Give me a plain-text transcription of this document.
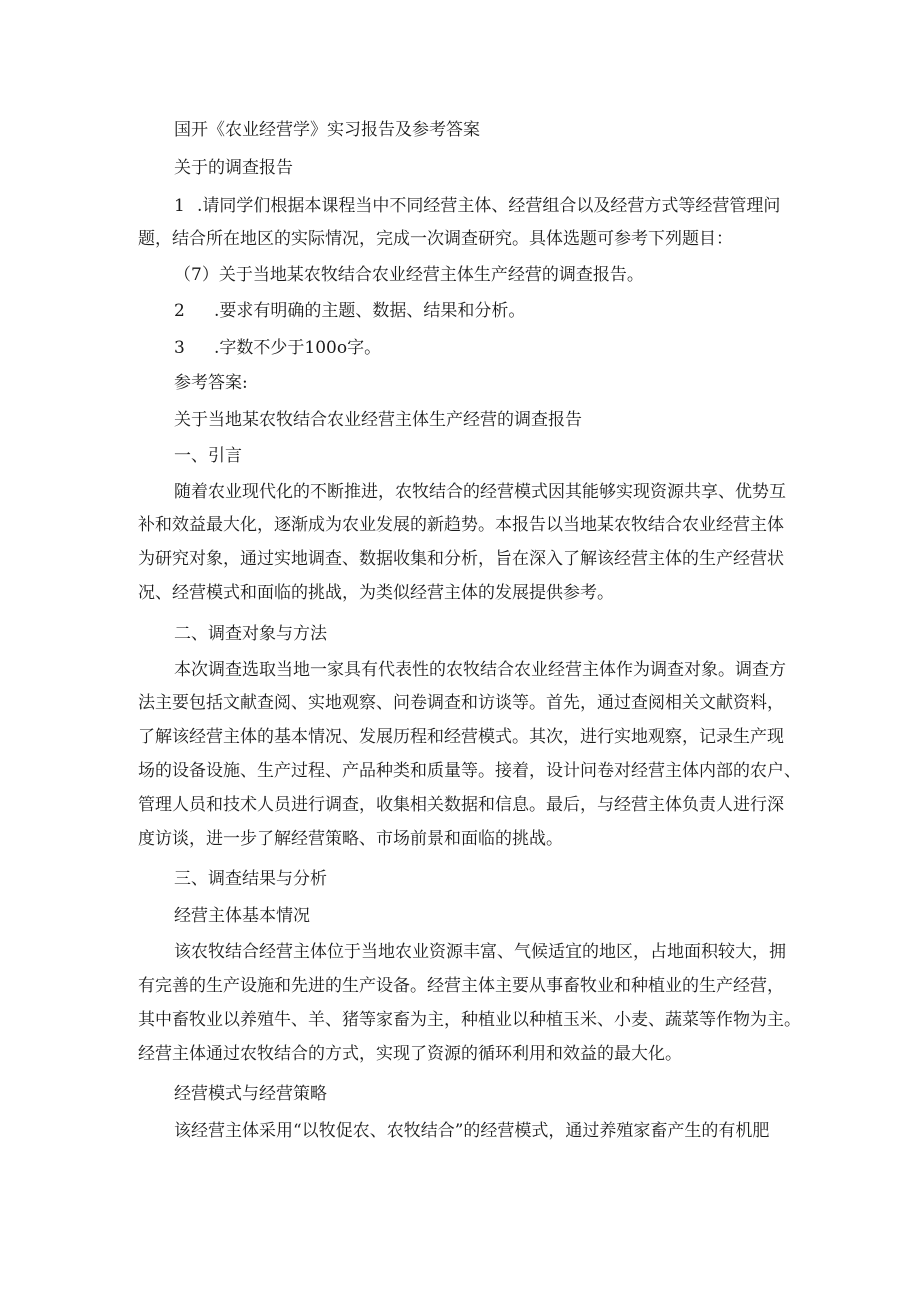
国开《农业经营学》实习报告及参考答案
关于的调查报告
1 .请同学们根据本课程当中不同经营主体、经营组合以及经营方式等经营管理问
题，结合所在地区的实际情况，完成一次调查研究。具体选题可参考下列题目：
（7）关于当地某农牧结合农业经营主体生产经营的调查报告。
2 .要求有明确的主题、数据、结果和分析。
3 .字数不少于100o字。
参考答案:
关于当地某农牧结合农业经营主体生产经营的调查报告
一、引言
随着农业现代化的不断推进，农牧结合的经营模式因其能够实现资源共享、优势互
补和效益最大化，逐渐成为农业发展的新趋势。本报告以当地某农牧结合农业经营主体
为研究对象，通过实地调查、数据收集和分析，旨在深入了解该经营主体的生产经营状
况、经营模式和面临的挑战，为类似经营主体的发展提供参考。
二、调查对象与方法
本次调查选取当地一家具有代表性的农牧结合农业经营主体作为调查对象。调查方
法主要包括文献查阅、实地观察、问卷调查和访谈等。首先，通过查阅相关文献资料，
了解该经营主体的基本情况、发展历程和经营模式。其次，进行实地观察，记录生产现
场的设备设施、生产过程、产品种类和质量等。接着，设计问卷对经营主体内部的农户、
管理人员和技术人员进行调查，收集相关数据和信息。最后，与经营主体负责人进行深
度访谈，进一步了解经营策略、市场前景和面临的挑战。
三、调查结果与分析
经营主体基本情况
该农牧结合经营主体位于当地农业资源丰富、气候适宜的地区，占地面积较大，拥
有完善的生产设施和先进的生产设备。经营主体主要从事畜牧业和种植业的生产经营，
其中畜牧业以养殖牛、羊、猪等家畜为主，种植业以种植玉米、小麦、蔬菜等作物为主。
经营主体通过农牧结合的方式，实现了资源的循环利用和效益的最大化。
经营模式与经营策略
该经营主体采用“以牧促农、农牧结合”的经营模式，通过养殖家畜产生的有机肥
